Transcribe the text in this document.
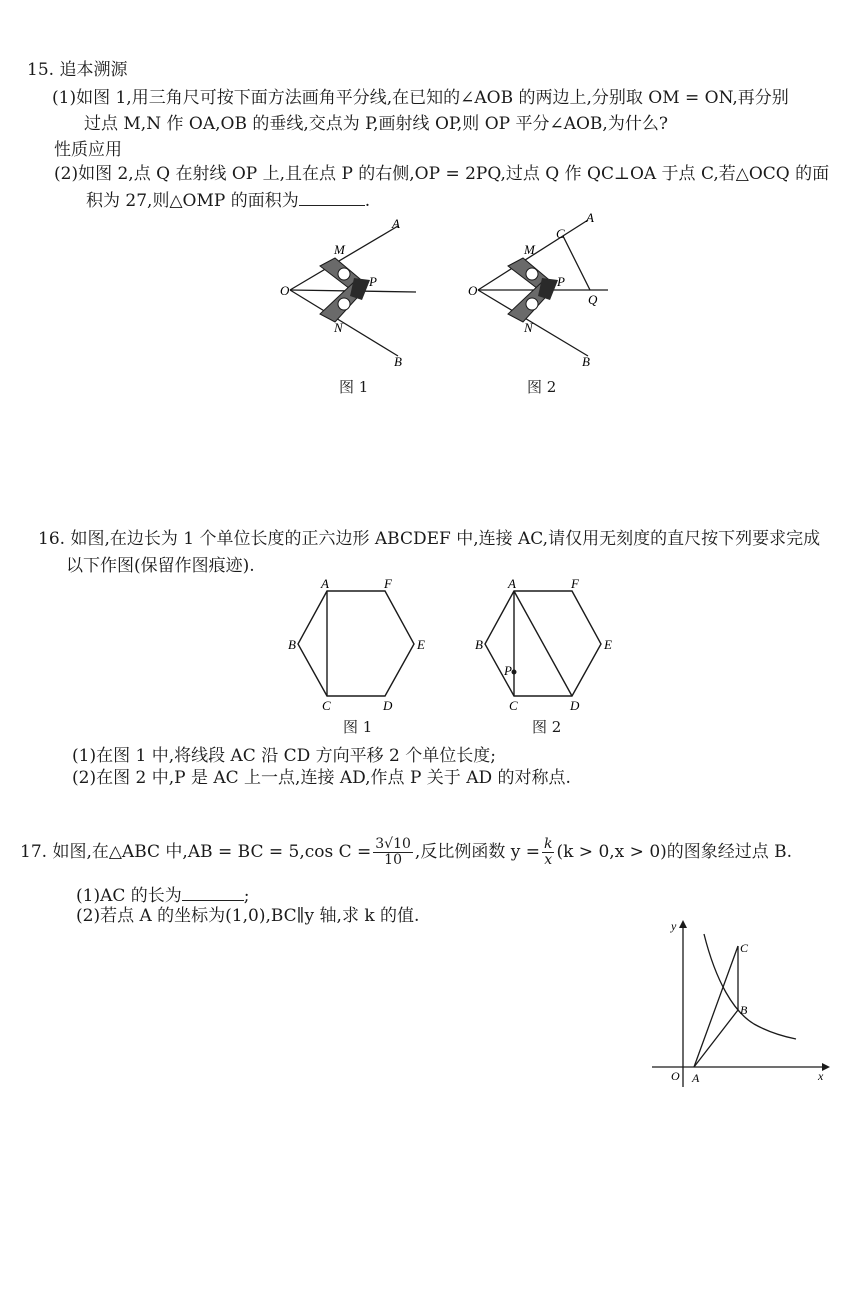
15. 追本溯源
(1)如图 1,用三角尺可按下面方法画角平分线,在已知的∠AOB 的两边上,分别取 OM = ON,再分别
过点 M,N 作 OA,OB 的垂线,交点为 P,画射线 OP,则 OP 平分∠AOB,为什么?
性质应用
(2)如图 2,点 Q 在射线 OP 上,且在点 P 的右侧,OP = 2PQ,过点 Q 作 QC⊥OA 于点 C,若△OCQ 的面
积为 27,则△OMP 的面积为	.
O
M
N
P
A
B
图 1
O
M
N
P
C
A
Q
B
图 2
16. 如图,在边长为 1 个单位长度的正六边形 ABCDEF 中,连接 AC,请仅用无刻度的直尺按下列要求完成
以下作图(保留作图痕迹).
A	F
E
D
C
B
图 1
A	F
E
D
C
B
P
图 2
(1)在图 1 中,将线段 AC 沿 CD 方向平移 2 个单位长度;
(2)在图 2 中,P 是 AC 上一点,连接 AD,作点 P 关于 AD 的对称点.
17. 如图,在△ABC 中,AB = BC = 5,cos $C = \frac{3√10}{10}$ ,反比例函数 $y = \frac{k}{x} (k > 0,x > 0)$的图象经过点 B.
(1)AC 的长为	;
(2)若点 A 的坐标为(1,0),BC∥y 轴,求 k 的值.	y
x
O A
B
C
